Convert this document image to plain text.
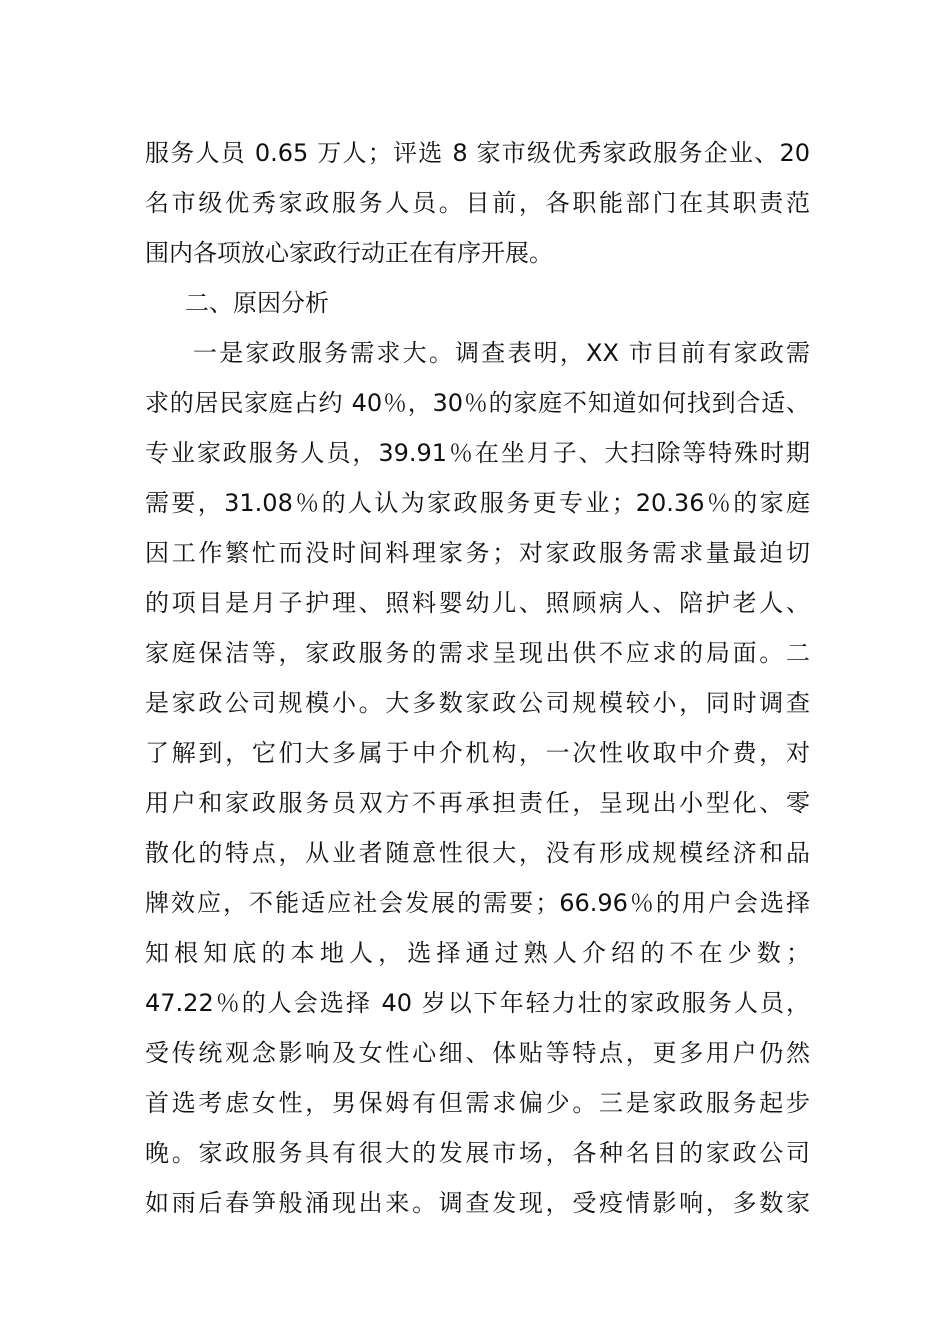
服务人员 0.65 万人；评选 8 家市级优秀家政服务企业、20
名市级优秀家政服务人员。目前，各职能部门在其职责范
围内各项放心家政行动正在有序开展。
二、原因分析
一是家政服务需求大。调查表明，XX 市目前有家政需
求的居民家庭占约 40％，30％的家庭不知道如何找到合适、
专业家政服务人员，39.91％在坐月子、大扫除等特殊时期
需要，31.08％的人认为家政服务更专业；20.36％的家庭
因工作繁忙而没时间料理家务；对家政服务需求量最迫切
的项目是月子护理、照料婴幼儿、照顾病人、陪护老人、
家庭保洁等，家政服务的需求呈现出供不应求的局面。二
是家政公司规模小。大多数家政公司规模较小，同时调查
了解到，它们大多属于中介机构，一次性收取中介费，对
用户和家政服务员双方不再承担责任，呈现出小型化、零
散化的特点，从业者随意性很大，没有形成规模经济和品
牌效应，不能适应社会发展的需要；66.96％的用户会选择
知根知底的本地人，选择通过熟人介绍的不在少数；
47.22％的人会选择 40 岁以下年轻力壮的家政服务人员，
受传统观念影响及女性心细、体贴等特点，更多用户仍然
首选考虑女性，男保姆有但需求偏少。三是家政服务起步
晚。家政服务具有很大的发展市场，各种名目的家政公司
如雨后春笋般涌现出来。调查发现，受疫情影响，多数家
